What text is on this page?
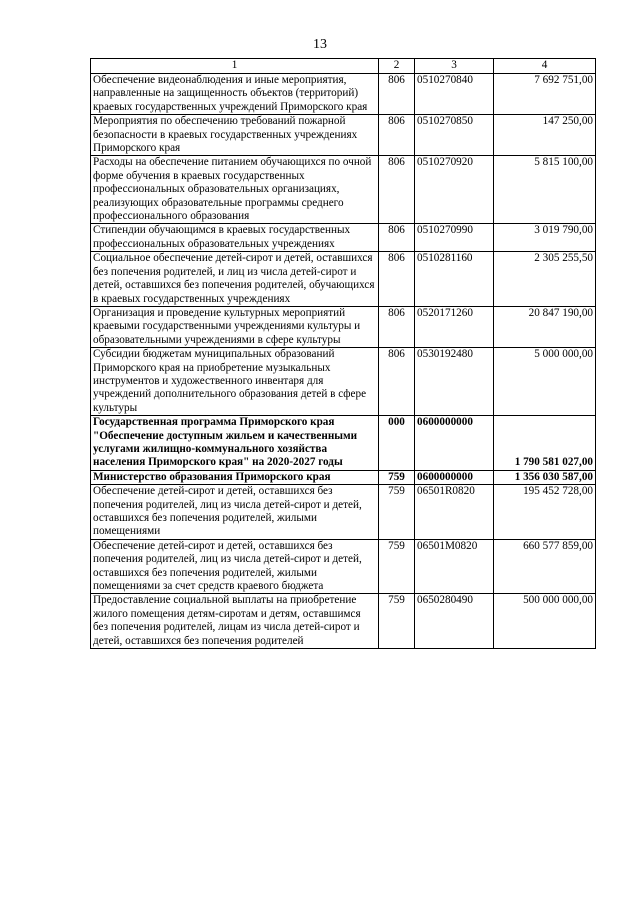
13
1	2	3	4
Обеспечение видеонаблюдения и иные мероприятия, направленные на защищенность объектов (территорий) краевых государственных учреждений Приморского края	806	0510270840	7 692 751,00
Мероприятия по обеспечению требований пожарной безопасности в краевых государственных учреждениях Приморского края	806	0510270850	147 250,00
Расходы на обеспечение питанием обучающихся по очной форме обучения в краевых государственных профессиональных образовательных организациях, реализующих образовательные программы среднего профессионального образования	806	0510270920	5 815 100,00
Стипендии обучающимся в краевых государственных профессиональных образовательных учреждениях	806	0510270990	3 019 790,00
Социальное обеспечение детей-сирот и детей, оставшихся без попечения родителей, и лиц из числа детей-сирот и детей, оставшихся без попечения родителей, обучающихся в краевых государственных учреждениях	806	0510281160	2 305 255,50
Организация и проведение культурных мероприятий краевыми государственными учреждениями культуры и образовательными учреждениями в сфере культуры	806	0520171260	20 847 190,00
Субсидии бюджетам муниципальных образований Приморского края на приобретение музыкальных инструментов и художественного инвентаря для учреждений дополнительного образования детей в сфере культуры	806	0530192480	5 000 000,00
Государственная программа Приморского края "Обеспечение доступным жильем и качественными услугами жилищно-коммунального хозяйства населения Приморского края" на 2020-2027 годы	000	0600000000	1 790 581 027,00
Министерство образования Приморского края	759	0600000000	1 356 030 587,00
Обеспечение детей-сирот и детей, оставшихся без попечения родителей, лиц из числа детей-сирот и детей, оставшихся без попечения родителей, жилыми помещениями	759	06501R0820	195 452 728,00
Обеспечение детей-сирот и детей, оставшихся без попечения родителей, лиц из числа детей-сирот и детей, оставшихся без попечения родителей, жилыми помещениями за счет средств краевого бюджета	759	06501M0820	660 577 859,00
Предоставление социальной выплаты на приобретение жилого помещения детям-сиротам и детям, оставшимся без попечения родителей, лицам из числа детей-сирот и детей, оставшихся без попечения родителей	759	0650280490	500 000 000,00
